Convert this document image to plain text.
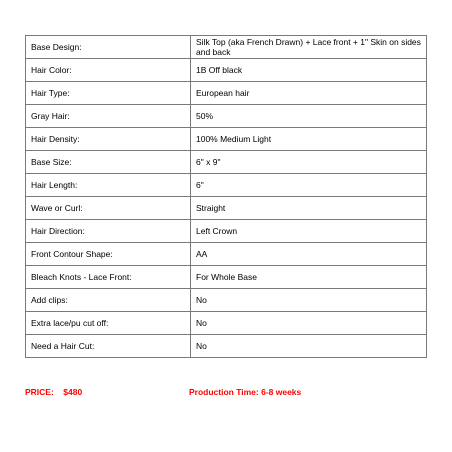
Base Design:	Silk Top (aka French Drawn) + Lace front + 1" Skin on sides and back
Hair Color:	1B Off black
Hair Type:	European hair
Gray Hair:	50%
Hair Density:	100% Medium Light
Base Size:	6" x 9"
Hair Length:	6"
Wave or Curl:	Straight
Hair Direction:	Left Crown
Front Contour Shape:	AA
Bleach Knots - Lace Front:	For Whole Base
Add clips:	No
Extra lace/pu cut off:	No
Need a Hair Cut:	No
PRICE: $480	Production Time: 6-8 weeks
